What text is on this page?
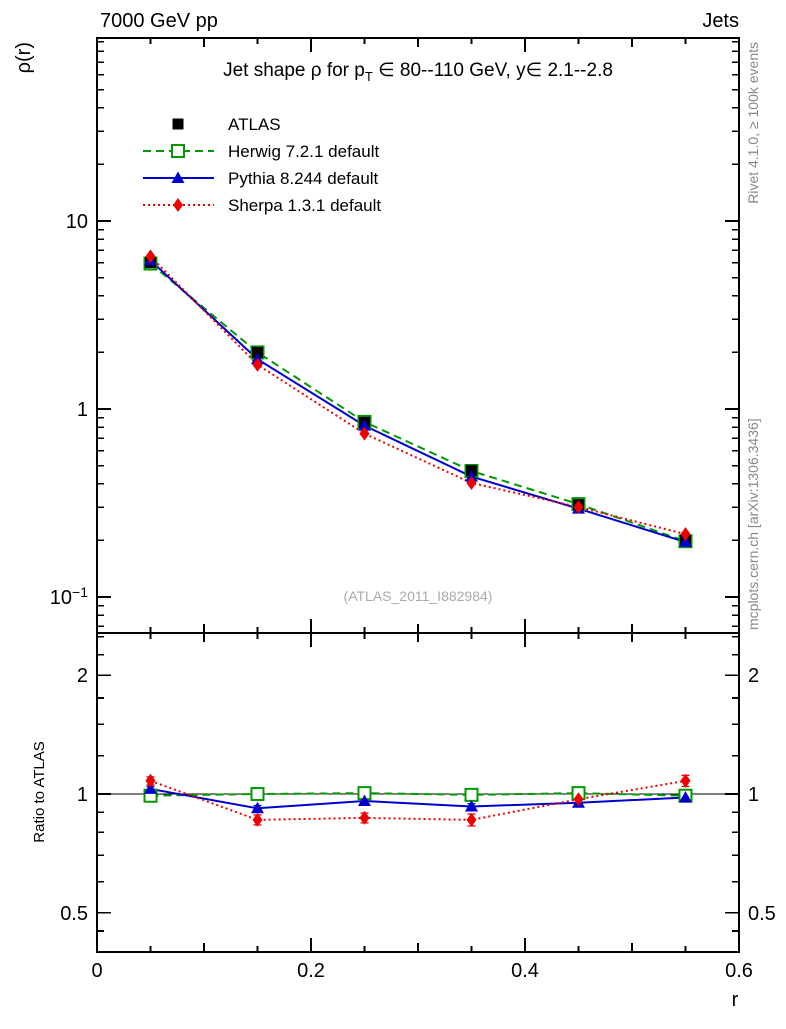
7000 GeV pp	Jets
ρ(r)
Ratio to ATLAS
Rivet 4.1.0, ≥ 100k events
mcplots.cern.ch [arXiv:1306.3436]
Jet shape ρ for $p_T$ ∈ 80--110 GeV, y∈ 2.1--2.8
(ATLAS_2011_I882984)
10
1
$10^{-1}$
2
1
0.5
2
1
0.5
0	0.2	0.4	0.6
r
ATLAS
Herwig 7.2.1 default
Pythia 8.244 default
Sherpa 1.3.1 default
